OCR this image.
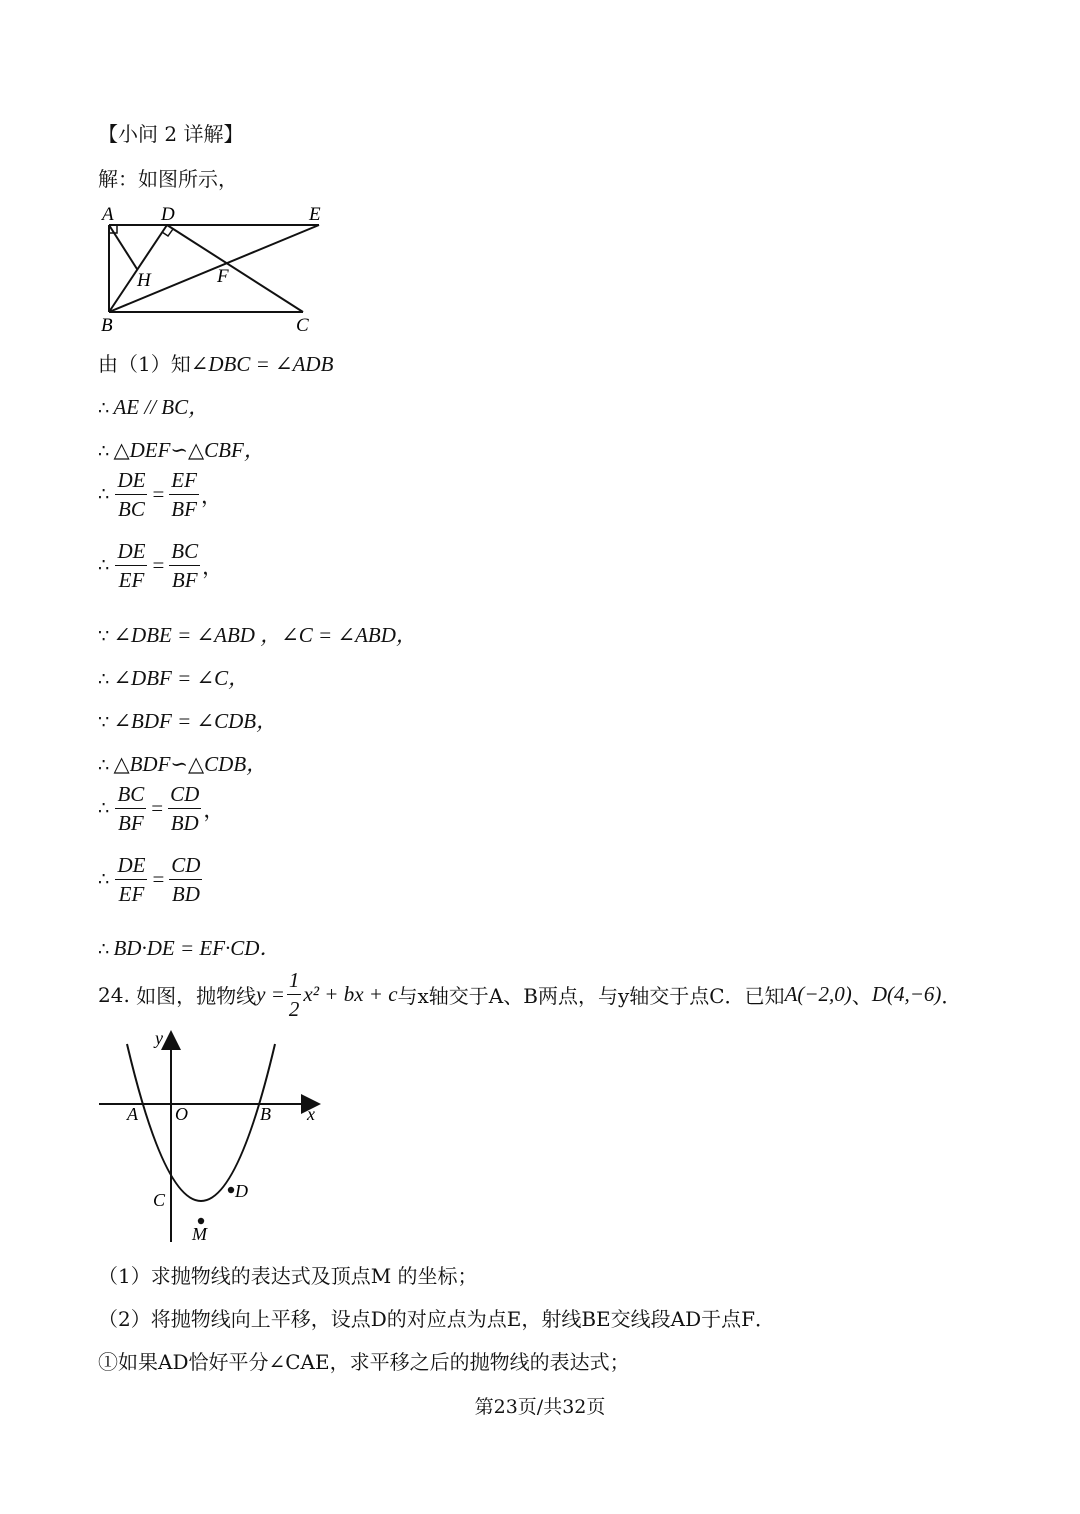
【小问 2 详解】
解：如图所示，
A D	E
H	F
B	C
由（1）知∠DBC = ∠ADB
∴ AE // BC，
∴ △DEF∽△CBF，
∴ $\frac{DE}{BC} = \frac{EF}{BF}$ ，
∴ $\frac{DE}{EF} = \frac{BC}{BF}$ ，
∵ ∠DBE = ∠ABD ，∠C = ∠ABD，
∴ ∠DBF = ∠C，
∵ ∠BDF = ∠CDB，
∴ △BDF∽△CDB，
∴ $\frac{BC}{BF} = \frac{CD}{BD}$ ，
∴ $\frac{DE}{EF} = \frac{CD}{BD}$
∴ BD·DE = EF·CD．
24.
如图，抛物线 $y = \frac{1}{2} x^2$ + bx + c 与x轴交于A、B两点，与y轴交于点C．已知 A(−2,0) 、 D(4,−6) ．
y
x
A O	B
C	D
M
（1）求抛物线的表达式及顶点M 的坐标；
（2）将抛物线向上平移，设点D的对应点为点E，射线BE交线段AD于点F．
①如果AD恰好平分∠CAE，求平移之后的抛物线的表达式；
第23页/共32页
